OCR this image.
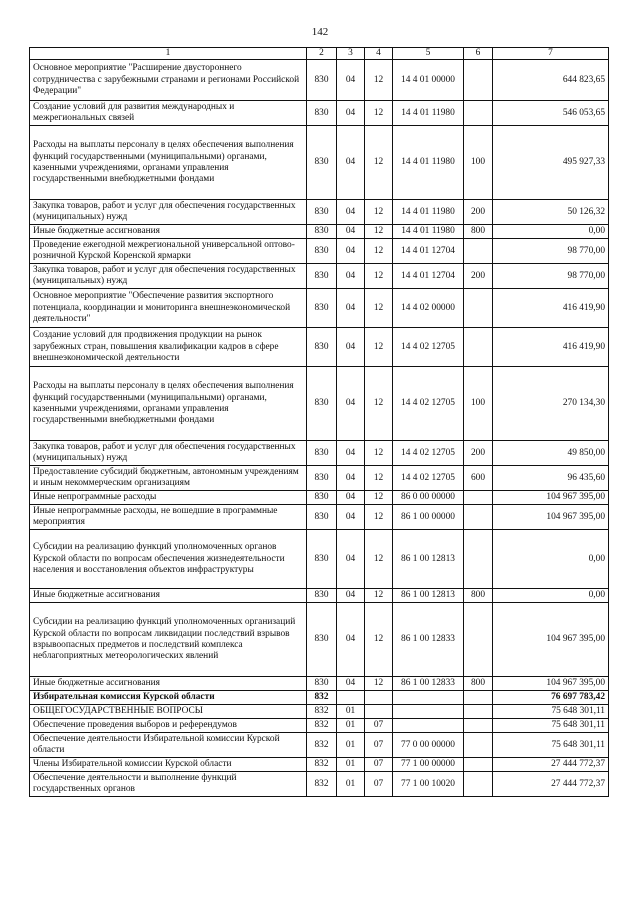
142
1	2	3	4	5	6	7
Основное мероприятие "Расширение двустороннего сотрудничества с зарубежными странами и регионами Российской Федерации"	830	04	12	14 4 01 00000		644 823,65
Создание условий для развития международных и межрегиональных связей	830	04	12	14 4 01 11980		546 053,65
Расходы на выплаты персоналу в целях обеспечения выполнения функций государственными (муниципальными) органами, казенными учреждениями, органами управления государственными внебюджетными фондами	830	04	12	14 4 01 11980	100	495 927,33
Закупка товаров, работ и услуг для обеспечения государственных (муниципальных) нужд	830	04	12	14 4 01 11980	200	50 126,32
Иные бюджетные ассигнования	830	04	12	14 4 01 11980	800	0,00
Проведение ежегодной межрегиональной универсальной оптово-розничной Курской Коренской ярмарки	830	04	12	14 4 01 12704		98 770,00
Закупка товаров, работ и услуг для обеспечения государственных (муниципальных) нужд	830	04	12	14 4 01 12704	200	98 770,00
Основное мероприятие "Обеспечение развития экспортного потенциала, координации и мониторинга внешнеэкономической деятельности"	830	04	12	14 4 02 00000		416 419,90
Создание условий для продвижения продукции на рынок зарубежных стран, повышения квалификации кадров в сфере внешнеэкономической деятельности	830	04	12	14 4 02 12705		416 419,90
Расходы на выплаты персоналу в целях обеспечения выполнения функций государственными (муниципальными) органами, казенными учреждениями, органами управления государственными внебюджетными фондами	830	04	12	14 4 02 12705	100	270 134,30
Закупка товаров, работ и услуг для обеспечения государственных (муниципальных) нужд	830	04	12	14 4 02 12705	200	49 850,00
Предоставление субсидий бюджетным, автономным учреждениям и иным некоммерческим организациям	830	04	12	14 4 02 12705	600	96 435,60
Иные непрограммные расходы	830	04	12	86 0 00 00000		104 967 395,00
Иные непрограммные расходы, не вошедшие в программные мероприятия	830	04	12	86 1 00 00000		104 967 395,00
Субсидии на реализацию функций уполномоченных органов Курской области по вопросам обеспечения жизнедеятельности населения и восстановления объектов инфраструктуры	830	04	12	86 1 00 12813		0,00
Иные бюджетные ассигнования	830	04	12	86 1 00 12813	800	0,00
Субсидии на реализацию функций уполномоченных организаций Курской области по вопросам ликвидации последствий взрывов взрывоопасных предметов и последствий комплекса неблагоприятных метеорологических явлений	830	04	12	86 1 00 12833		104 967 395,00
Иные бюджетные ассигнования	830	04	12	86 1 00 12833	800	104 967 395,00
Избирательная комиссия Курской области	832					76 697 783,42
ОБЩЕГОСУДАРСТВЕННЫЕ ВОПРОСЫ	832	01				75 648 301,11
Обеспечение проведения выборов и референдумов	832	01	07			75 648 301,11
Обеспечение деятельности Избирательной комиссии Курской области	832	01	07	77 0 00 00000		75 648 301,11
Члены Избирательной комиссии Курской области	832	01	07	77 1 00 00000		27 444 772,37
Обеспечение деятельности и выполнение функций государственных органов	832	01	07	77 1 00 10020		27 444 772,37
